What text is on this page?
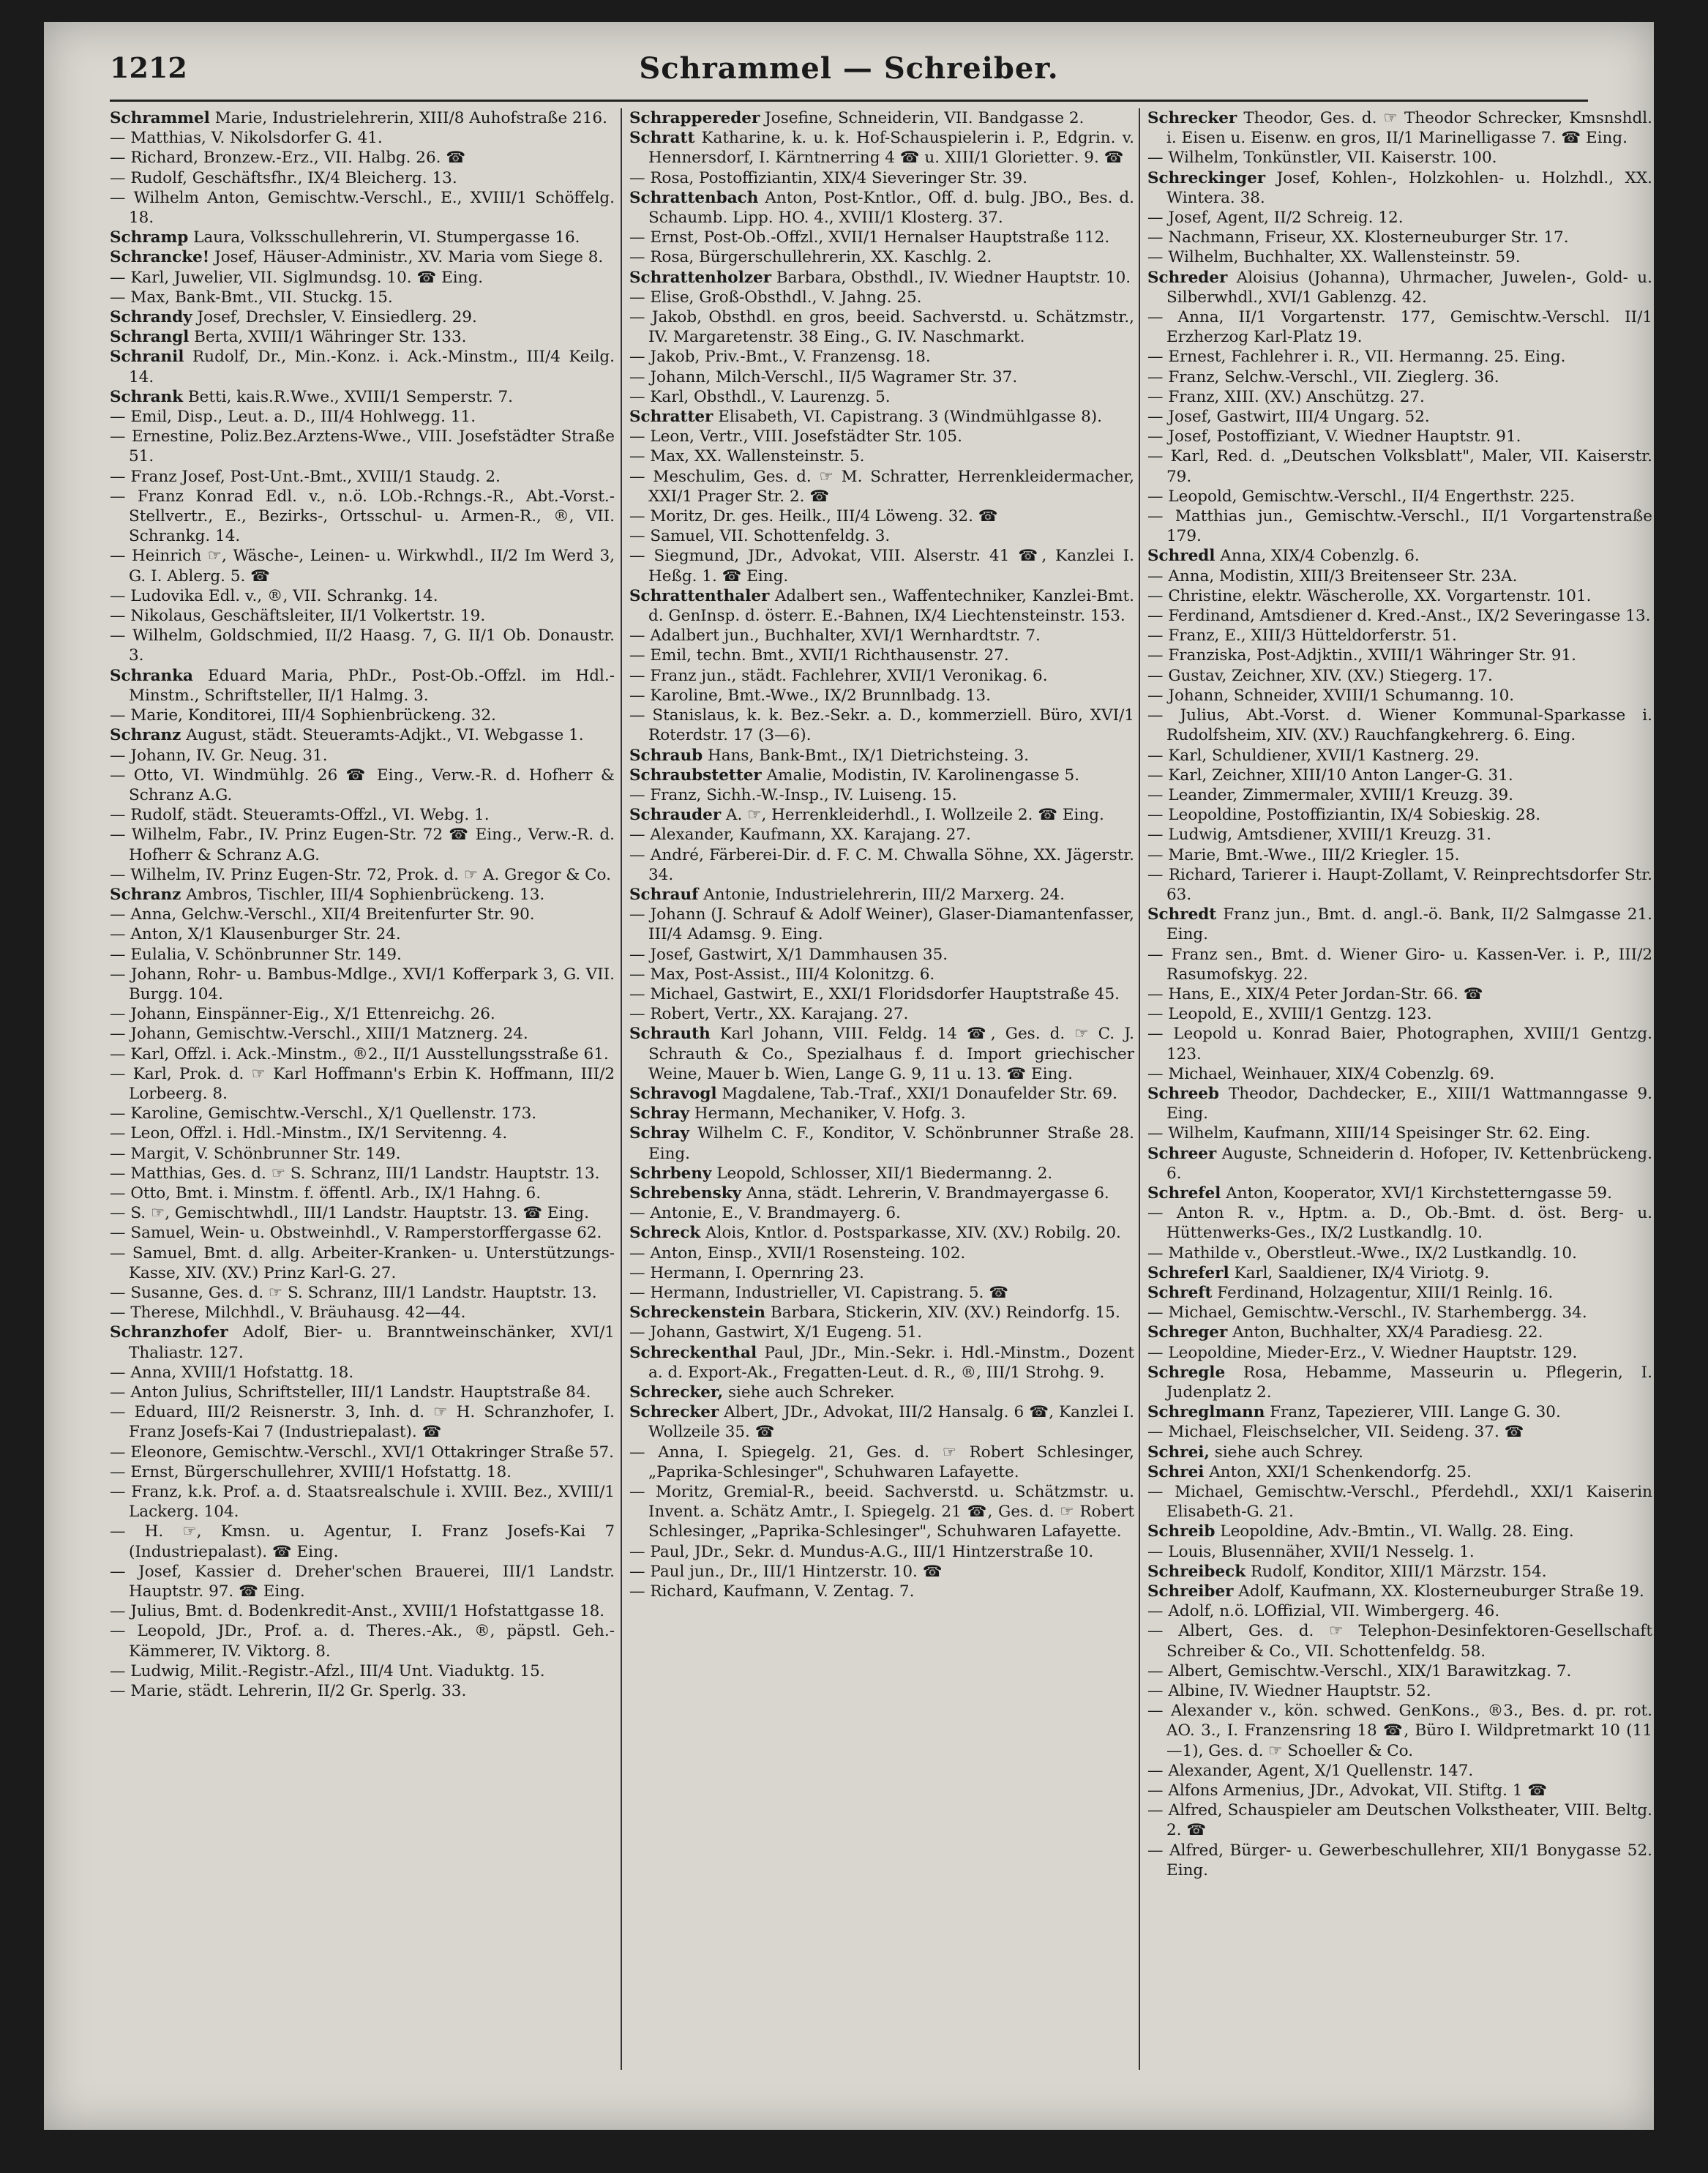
1212	Schrammel — Schreiber.

Schrammel Marie, Industrielehrerin, XIII/8 Auhofstraße 216.

— Matthias, V. Nikolsdorfer G. 41.

— Richard, Bronzew.-Erz., VII. Halbg. 26. ☎

— Rudolf, Geschäftsfhr., IX/4 Bleicherg. 13.

— Wilhelm Anton, Gemischtw.-Verschl., E., XVIII/1 Schöffelg. 18.

Schramp Laura, Volksschullehrerin, VI. Stumpergasse 16.

Schrancke! Josef, Häuser-Administr., XV. Maria vom Siege 8.

— Karl, Juwelier, VII. Siglmundsg. 10. ☎ Eing.

— Max, Bank-Bmt., VII. Stuckg. 15.

Schrandy Josef, Drechsler, V. Einsiedlerg. 29.

Schrangl Berta, XVIII/1 Währinger Str. 133.

Schranil Rudolf, Dr., Min.-Konz. i. Ack.-Minstm., III/4 Keilg. 14.

Schrank Betti, kais.R.Wwe., XVIII/1 Semperstr. 7.

— Emil, Disp., Leut. a. D., III/4 Hohlwegg. 11.

— Ernestine, Poliz.Bez.Arztens-Wwe., VIII. Josefstädter Straße 51.

— Franz Josef, Post-Unt.-Bmt., XVIII/1 Staudg. 2.

— Franz Konrad Edl. v., n.ö. LOb.-Rchngs.-R., Abt.-Vorst.-Stellvertr., E., Bezirks-, Ortsschul- u. Armen-R., ®, VII. Schrankg. 14.

— Heinrich ☞, Wäsche-, Leinen- u. Wirkwhdl., II/2 Im Werd 3, G. I. Ablerg. 5. ☎

— Ludovika Edl. v., ®, VII. Schrankg. 14.

— Nikolaus, Geschäftsleiter, II/1 Volkertstr. 19.

— Wilhelm, Goldschmied, II/2 Haasg. 7, G. II/1 Ob. Donaustr. 3.

Schranka Eduard Maria, PhDr., Post-Ob.-Offzl. im Hdl.-Minstm., Schriftsteller, II/1 Halmg. 3.

— Marie, Konditorei, III/4 Sophienbrückeng. 32.

Schranz August, städt. Steueramts-Adjkt., VI. Webgasse 1.

— Johann, IV. Gr. Neug. 31.

— Otto, VI. Windmühlg. 26 ☎ Eing., Verw.-R. d. Hofherr & Schranz A.G.

— Rudolf, städt. Steueramts-Offzl., VI. Webg. 1.

— Wilhelm, Fabr., IV. Prinz Eugen-Str. 72 ☎ Eing., Verw.-R. d. Hofherr & Schranz A.G.

— Wilhelm, IV. Prinz Eugen-Str. 72, Prok. d. ☞ A. Gregor & Co.

Schranz Ambros, Tischler, III/4 Sophienbrückeng. 13.

— Anna, Gelchw.-Verschl., XII/4 Breitenfurter Str. 90.

— Anton, X/1 Klausenburger Str. 24.

— Eulalia, V. Schönbrunner Str. 149.

— Johann, Rohr- u. Bambus-Mdlge., XVI/1 Kofferpark 3, G. VII. Burgg. 104.

— Johann, Einspänner-Eig., X/1 Ettenreichg. 26.

— Johann, Gemischtw.-Verschl., XIII/1 Matznerg. 24.

— Karl, Offzl. i. Ack.-Minstm., ®2., II/1 Ausstellungsstraße 61.

— Karl, Prok. d. ☞ Karl Hoffmann's Erbin K. Hoffmann, III/2 Lorbeerg. 8.

— Karoline, Gemischtw.-Verschl., X/1 Quellenstr. 173.

— Leon, Offzl. i. Hdl.-Minstm., IX/1 Servitenng. 4.

— Margit, V. Schönbrunner Str. 149.

— Matthias, Ges. d. ☞ S. Schranz, III/1 Landstr. Hauptstr. 13.

— Otto, Bmt. i. Minstm. f. öffentl. Arb., IX/1 Hahng. 6.

— S. ☞, Gemischtwhdl., III/1 Landstr. Hauptstr. 13. ☎ Eing.

— Samuel, Wein- u. Obstweinhdl., V. Ramperstorffergasse 62.

— Samuel, Bmt. d. allg. Arbeiter-Kranken- u. Unterstützungs-Kasse, XIV. (XV.) Prinz Karl-G. 27.

— Susanne, Ges. d. ☞ S. Schranz, III/1 Landstr. Hauptstr. 13.

— Therese, Milchhdl., V. Bräuhausg. 42—44.

Schranzhofer Adolf, Bier- u. Branntweinschänker, XVI/1 Thaliastr. 127.

— Anna, XVIII/1 Hofstattg. 18.

— Anton Julius, Schriftsteller, III/1 Landstr. Hauptstraße 84.

— Eduard, III/2 Reisnerstr. 3, Inh. d. ☞ H. Schranzhofer, I. Franz Josefs-Kai 7 (Industriepalast). ☎

— Eleonore, Gemischtw.-Verschl., XVI/1 Ottakringer Straße 57.

— Ernst, Bürgerschullehrer, XVIII/1 Hofstattg. 18.

— Franz, k.k. Prof. a. d. Staatsrealschule i. XVIII. Bez., XVIII/1 Lackerg. 104.

— H. ☞, Kmsn. u. Agentur, I. Franz Josefs-Kai 7 (Industriepalast). ☎ Eing.

— Josef, Kassier d. Dreher'schen Brauerei, III/1 Landstr. Hauptstr. 97. ☎ Eing.

— Julius, Bmt. d. Bodenkredit-Anst., XVIII/1 Hofstattgasse 18.

— Leopold, JDr., Prof. a. d. Theres.-Ak., ®, päpstl. Geh.-Kämmerer, IV. Viktorg. 8.

— Ludwig, Milit.-Registr.-Afzl., III/4 Unt. Viaduktg. 15.

— Marie, städt. Lehrerin, II/2 Gr. Sperlg. 33.

Schrappereder Josefine, Schneiderin, VII. Bandgasse 2.

Schratt Katharine, k. u. k. Hof-Schauspielerin i. P., Edgrin. v. Hennersdorf, I. Kärntnerring 4 ☎ u. XIII/1 Gloriettег. 9. ☎

— Rosa, Postoffiziantin, XIX/4 Sieveringer Str. 39.

Schrattenbach Anton, Post-Kntlor., Off. d. bulg. JBO., Bes. d. Schaumb. Lipp. HO. 4., XVIII/1 Klosterg. 37.

— Ernst, Post-Ob.-Offzl., XVII/1 Hernalser Hauptstraße 112.

— Rosa, Bürgerschullehrerin, XX. Kaschlg. 2.

Schrattenholzer Barbara, Obsthdl., IV. Wiedner Hauptstr. 10.

— Elise, Groß-Obsthdl., V. Jahng. 25.

— Jakob, Obsthdl. en gros, beeid. Sachverstd. u. Schätzmstr., IV. Margaretenstr. 38 Eing., G. IV. Naschmarkt.

— Jakob, Priv.-Bmt., V. Franzensg. 18.

— Johann, Milch-Verschl., II/5 Wagramer Str. 37.

— Karl, Obsthdl., V. Laurenzg. 5.

Schratter Elisabeth, VI. Capistrang. 3 (Windmühlgasse 8).

— Leon, Vertr., VIII. Josefstädter Str. 105.

— Max, XX. Wallensteinstr. 5.

— Meschulim, Ges. d. ☞ M. Schratter, Herrenkleidermacher, XXI/1 Prager Str. 2. ☎

— Moritz, Dr. ges. Heilk., III/4 Löweng. 32. ☎

— Samuel, VII. Schottenfeldg. 3.

— Siegmund, JDr., Advokat, VIII. Alserstr. 41 ☎, Kanzlei I. Heßg. 1. ☎ Eing.

Schrattenthaler Adalbert sen., Waffentechniker, Kanzlei-Bmt. d. GenInsp. d. österr. E.-Bahnen, IX/4 Liechtensteinstr. 153.

— Adalbert jun., Buchhalter, XVI/1 Wernhardtstr. 7.

— Emil, techn. Bmt., XVII/1 Richthausenstr. 27.

— Franz jun., städt. Fachlehrer, XVII/1 Veronikag. 6.

— Karoline, Bmt.-Wwe., IX/2 Brunnlbadg. 13.

— Stanislaus, k. k. Bez.-Sekr. a. D., kommerziell. Büro, XVI/1 Roterdstr. 17 (3—6).

Schraub Hans, Bank-Bmt., IX/1 Dietrichsteing. 3.

Schraubstetter Amalie, Modistin, IV. Karolinengasse 5.

— Franz, Sichh.-W.-Insp., IV. Luiseng. 15.

Schrauder A. ☞, Herrenkleiderhdl., I. Wollzeile 2. ☎ Eing.

— Alexander, Kaufmann, XX. Karajang. 27.

— André, Färberei-Dir. d. F. C. M. Chwalla Söhne, XX. Jägerstr. 34.

Schrauf Antonie, Industrielehrerin, III/2 Marxerg. 24.

— Johann (J. Schrauf & Adolf Weiner), Glaser-Diamantenfasser, III/4 Adamsg. 9. Eing.

— Josef, Gastwirt, X/1 Dammhausen 35.

— Max, Post-Assist., III/4 Kolonitzg. 6.

— Michael, Gastwirt, E., XXI/1 Floridsdorfer Hauptstraße 45.

— Robert, Vertr., XX. Karajang. 27.

Schrauth Karl Johann, VIII. Feldg. 14 ☎, Ges. d. ☞ C. J. Schrauth & Co., Spezialhaus f. d. Import griechischer Weine, Mauer b. Wien, Lange G. 9, 11 u. 13. ☎ Eing.

Schravogl Magdalene, Tab.-Traf., XXI/1 Donaufelder Str. 69.

Schray Hermann, Mechaniker, V. Hofg. 3.

Schray Wilhelm C. F., Konditor, V. Schönbrunner Straße 28. Eing.

Schrbeny Leopold, Schlosser, XII/1 Biedermanng. 2.

Schrebensky Anna, städt. Lehrerin, V. Brandmayergasse 6.

— Antonie, E., V. Brandmayerg. 6.

Schreck Alois, Kntlor. d. Postsparkasse, XIV. (XV.) Robilg. 20.

— Anton, Einsp., XVII/1 Rosensteing. 102.

— Hermann, I. Opernring 23.

— Hermann, Industrieller, VI. Capistrang. 5. ☎

Schreckenstein Barbara, Stickerin, XIV. (XV.) Reindorfg. 15.

— Johann, Gastwirt, X/1 Eugeng. 51.

Schreckenthal Paul, JDr., Min.-Sekr. i. Hdl.-Minstm., Dozent a. d. Export-Ak., Fregatten-Leut. d. R., ®, III/1 Strohg. 9.

Schrecker, siehe auch Schreker.

Schrecker Albert, JDr., Advokat, III/2 Hansalg. 6 ☎, Kanzlei I. Wollzeile 35. ☎

— Anna, I. Spiegelg. 21, Ges. d. ☞ Robert Schlesinger, „Paprika-Schlesinger", Schuhwaren Lafayette.

— Moritz, Gremial-R., beeid. Sachverstd. u. Schätzmstr. u. Invent. a. Schätz Amtr., I. Spiegelg. 21 ☎, Ges. d. ☞ Robert Schlesinger, „Paprika-Schlesinger", Schuhwaren Lafayette.

— Paul, JDr., Sekr. d. Mundus-A.G., III/1 Hintzerstraße 10.

— Paul jun., Dr., III/1 Hintzerstr. 10. ☎

— Richard, Kaufmann, V. Zentag. 7.

Schrecker Theodor, Ges. d. ☞ Theodor Schrecker, Kmsnshdl. i. Eisen u. Eisenw. en gros, II/1 Marinelligasse 7. ☎ Eing.

— Wilhelm, Tonkünstler, VII. Kaiserstr. 100.

Schreckinger Josef, Kohlen-, Holzkohlen- u. Holzhdl., XX. Wintera. 38.

— Josef, Agent, II/2 Schreig. 12.

— Nachmann, Friseur, XX. Klosterneuburger Str. 17.

— Wilhelm, Buchhalter, XX. Wallensteinstr. 59.

Schreder Aloisius (Johanna), Uhrmacher, Juwelen-, Gold- u. Silberwhdl., XVI/1 Gablenzg. 42.

— Anna, II/1 Vorgartenstr. 177, Gemischtw.-Verschl. II/1 Erzherzog Karl-Platz 19.

— Ernest, Fachlehrer i. R., VII. Hermanng. 25. Eing.

— Franz, Selchw.-Verschl., VII. Zieglerg. 36.

— Franz, XIII. (XV.) Anschützg. 27.

— Josef, Gastwirt, III/4 Ungarg. 52.

— Josef, Postoffiziant, V. Wiedner Hauptstr. 91.

— Karl, Red. d. „Deutschen Volksblatt", Maler, VII. Kaiserstr. 79.

— Leopold, Gemischtw.-Verschl., II/4 Engerthstr. 225.

— Matthias jun., Gemischtw.-Verschl., II/1 Vorgartenstraße 179.

Schredl Anna, XIX/4 Cobenzlg. 6.

— Anna, Modistin, XIII/3 Breitenseer Str. 23A.

— Christine, elektr. Wäscherolle, XX. Vorgartenstr. 101.

— Ferdinand, Amtsdiener d. Kred.-Anst., IX/2 Severingasse 13.

— Franz, E., XIII/3 Hütteldorferstr. 51.

— Franziska, Post-Adjktin., XVIII/1 Währinger Str. 91.

— Gustav, Zeichner, XIV. (XV.) Stiegerg. 17.

— Johann, Schneider, XVIII/1 Schumanng. 10.

— Julius, Abt.-Vorst. d. Wiener Kommunal-Sparkasse i. Rudolfsheim, XIV. (XV.) Rauchfangkehrerg. 6. Eing.

— Karl, Schuldiener, XVII/1 Kastnerg. 29.

— Karl, Zeichner, XIII/10 Anton Langer-G. 31.

— Leander, Zimmermaler, XVIII/1 Kreuzg. 39.

— Leopoldine, Postoffiziantin, IX/4 Sobieskig. 28.

— Ludwig, Amtsdiener, XVIII/1 Kreuzg. 31.

— Marie, Bmt.-Wwe., III/2 Kriegler. 15.

— Richard, Tarierer i. Haupt-Zollamt, V. Reinprechtsdorfer Str. 63.

Schredt Franz jun., Bmt. d. angl.-ö. Bank, II/2 Salmgasse 21. Eing.

— Franz sen., Bmt. d. Wiener Giro- u. Kassen-Ver. i. P., III/2 Rasumofskyg. 22.

— Hans, E., XIX/4 Peter Jordan-Str. 66. ☎

— Leopold, E., XVIII/1 Gentzg. 123.

— Leopold u. Konrad Baier, Photographen, XVIII/1 Gentzg. 123.

— Michael, Weinhauer, XIX/4 Cobenzlg. 69.

Schreeb Theodor, Dachdecker, E., XIII/1 Wattmanngasse 9. Eing.

— Wilhelm, Kaufmann, XIII/14 Speisinger Str. 62. Eing.

Schreer Auguste, Schneiderin d. Hofoper, IV. Kettenbrückeng. 6.

Schrefel Anton, Kooperator, XVI/1 Kirchstetterngasse 59.

— Anton R. v., Hptm. a. D., Ob.-Bmt. d. öst. Berg- u. Hüttenwerks-Ges., IX/2 Lustkandlg. 10.

— Mathilde v., Oberstleut.-Wwe., IX/2 Lustkandlg. 10.

Schreferl Karl, Saaldiener, IX/4 Viriotg. 9.

Schreft Ferdinand, Holzagentur, XIII/1 Reinlg. 16.

— Michael, Gemischtw.-Verschl., IV. Starhembergg. 34.

Schreger Anton, Buchhalter, XX/4 Paradiesg. 22.

— Leopoldine, Mieder-Erz., V. Wiedner Hauptstr. 129.

Schregle Rosa, Hebamme, Masseurin u. Pflegerin, I. Judenplatz 2.

Schreglmann Franz, Tapezierer, VIII. Lange G. 30.

— Michael, Fleischselcher, VII. Seideng. 37. ☎

Schrei, siehe auch Schrey.

Schrei Anton, XXI/1 Schenkendorfg. 25.

— Michael, Gemischtw.-Verschl., Pferdehdl., XXI/1 Kaiserin Elisabeth-G. 21.

Schreib Leopoldine, Adv.-Bmtin., VI. Wallg. 28. Eing.

— Louis, Blusennäher, XVII/1 Nesselg. 1.

Schreibeck Rudolf, Konditor, XIII/1 Märzstr. 154.

Schreiber Adolf, Kaufmann, XX. Klosterneuburger Straße 19.

— Adolf, n.ö. LOffizial, VII. Wimbergerg. 46.

— Albert, Ges. d. ☞ Telephon-Desinfektoren-Gesellschaft Schreiber & Co., VII. Schottenfeldg. 58.

— Albert, Gemischtw.-Verschl., XIX/1 Barawitzkag. 7.

— Albine, IV. Wiedner Hauptstr. 52.

— Alexander v., kön. schwed. GenKons., ®3., Bes. d. pr. rot. AO. 3., I. Franzensring 18 ☎, Büro I. Wildpretmarkt 10 (11—1), Ges. d. ☞ Schoeller & Co.

— Alexander, Agent, X/1 Quellenstr. 147.

— Alfons Armenius, JDr., Advokat, VII. Stiftg. 1 ☎

— Alfred, Schauspieler am Deutschen Volkstheater, VIII. Beltg. 2. ☎

— Alfred, Bürger- u. Gewerbeschullehrer, XII/1 Bonygasse 52. Eing.
